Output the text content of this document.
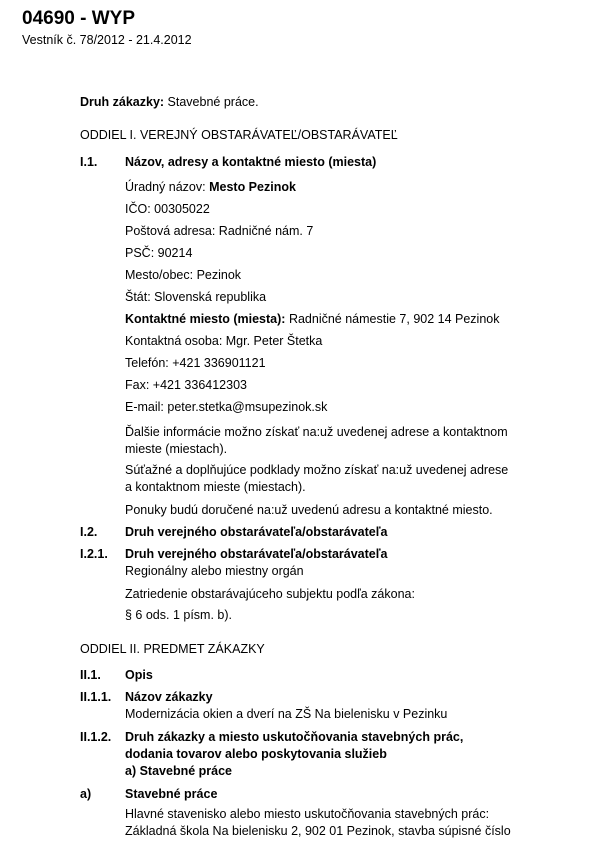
04690 - WYP
Vestník č. 78/2012 - 21.4.2012
Druh zákazky: Stavebné práce.
ODDIEL I. VEREJNÝ OBSTARÁVATEĽ/OBSTARÁVATEĽ
I.1. Názov, adresy a kontaktné miesto (miesta)
Úradný názov: Mesto Pezinok
IČO: 00305022
Poštová adresa: Radničné nám. 7
PSČ: 90214
Mesto/obec: Pezinok
Štát: Slovenská republika
Kontaktné miesto (miesta): Radničné námestie 7, 902 14 Pezinok
Kontaktná osoba: Mgr. Peter Štetka
Telefón: +421 336901121
Fax: +421 336412303
E-mail: peter.stetka@msupezinok.sk
Ďalšie informácie možno získať na:už uvedenej adrese a kontaktnom
mieste (miestach).
Súťažné a doplňujúce podklady možno získať na:už uvedenej adrese
a kontaktnom mieste (miestach).
Ponuky budú doručené na:už uvedenú adresu a kontaktné miesto.
I.2. Druh verejného obstarávateľa/obstarávateľa
I.2.1. Druh verejného obstarávateľa/obstarávateľa
Regionálny alebo miestny orgán
Zatriedenie obstarávajúceho subjektu podľa zákona:
§ 6 ods. 1 písm. b).
ODDIEL II. PREDMET ZÁKAZKY
II.1. Opis
II.1.1. Názov zákazky
Modernizácia okien a dverí na ZŠ Na bielenisku v Pezinku
II.1.2. Druh zákazky a miesto uskutočňovania stavebných prác,
dodania tovarov alebo poskytovania služieb
a) Stavebné práce
a)	Stavebné práce
Hlavné stavenisko alebo miesto uskutočňovania stavebných prác:
Základná škola Na bielenisku 2, 902 01 Pezinok, stavba súpisné číslo
